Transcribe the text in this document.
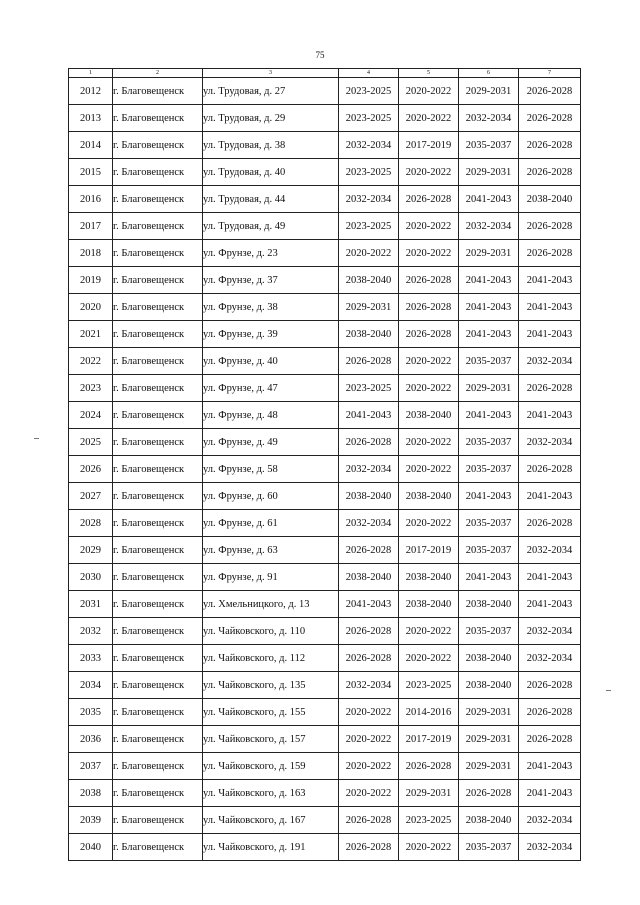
75
1	2	3	4	5	6	7
2012	г. Благовещенск	ул. Трудовая, д. 27	2023-2025	2020-2022	2029-2031	2026-2028
2013	г. Благовещенск	ул. Трудовая, д. 29	2023-2025	2020-2022	2032-2034	2026-2028
2014	г. Благовещенск	ул. Трудовая, д. 38	2032-2034	2017-2019	2035-2037	2026-2028
2015	г. Благовещенск	ул. Трудовая, д. 40	2023-2025	2020-2022	2029-2031	2026-2028
2016	г. Благовещенск	ул. Трудовая, д. 44	2032-2034	2026-2028	2041-2043	2038-2040
2017	г. Благовещенск	ул. Трудовая, д. 49	2023-2025	2020-2022	2032-2034	2026-2028
2018	г. Благовещенск	ул. Фрунзе, д. 23	2020-2022	2020-2022	2029-2031	2026-2028
2019	г. Благовещенск	ул. Фрунзе, д. 37	2038-2040	2026-2028	2041-2043	2041-2043
2020	г. Благовещенск	ул. Фрунзе, д. 38	2029-2031	2026-2028	2041-2043	2041-2043
2021	г. Благовещенск	ул. Фрунзе, д. 39	2038-2040	2026-2028	2041-2043	2041-2043
2022	г. Благовещенск	ул. Фрунзе, д. 40	2026-2028	2020-2022	2035-2037	2032-2034
2023	г. Благовещенск	ул. Фрунзе, д. 47	2023-2025	2020-2022	2029-2031	2026-2028
2024	г. Благовещенск	ул. Фрунзе, д. 48	2041-2043	2038-2040	2041-2043	2041-2043
2025	г. Благовещенск	ул. Фрунзе, д. 49	2026-2028	2020-2022	2035-2037	2032-2034
2026	г. Благовещенск	ул. Фрунзе, д. 58	2032-2034	2020-2022	2035-2037	2026-2028
2027	г. Благовещенск	ул. Фрунзе, д. 60	2038-2040	2038-2040	2041-2043	2041-2043
2028	г. Благовещенск	ул. Фрунзе, д. 61	2032-2034	2020-2022	2035-2037	2026-2028
2029	г. Благовещенск	ул. Фрунзе, д. 63	2026-2028	2017-2019	2035-2037	2032-2034
2030	г. Благовещенск	ул. Фрунзе, д. 91	2038-2040	2038-2040	2041-2043	2041-2043
2031	г. Благовещенск	ул. Хмельницкого, д. 13	2041-2043	2038-2040	2038-2040	2041-2043
2032	г. Благовещенск	ул. Чайковского, д. 110	2026-2028	2020-2022	2035-2037	2032-2034
2033	г. Благовещенск	ул. Чайковского, д. 112	2026-2028	2020-2022	2038-2040	2032-2034
2034	г. Благовещенск	ул. Чайковского, д. 135	2032-2034	2023-2025	2038-2040	2026-2028
2035	г. Благовещенск	ул. Чайковского, д. 155	2020-2022	2014-2016	2029-2031	2026-2028
2036	г. Благовещенск	ул. Чайковского, д. 157	2020-2022	2017-2019	2029-2031	2026-2028
2037	г. Благовещенск	ул. Чайковского, д. 159	2020-2022	2026-2028	2029-2031	2041-2043
2038	г. Благовещенск	ул. Чайковского, д. 163	2020-2022	2029-2031	2026-2028	2041-2043
2039	г. Благовещенск	ул. Чайковского, д. 167	2026-2028	2023-2025	2038-2040	2032-2034
2040	г. Благовещенск	ул. Чайковского, д. 191	2026-2028	2020-2022	2035-2037	2032-2034
